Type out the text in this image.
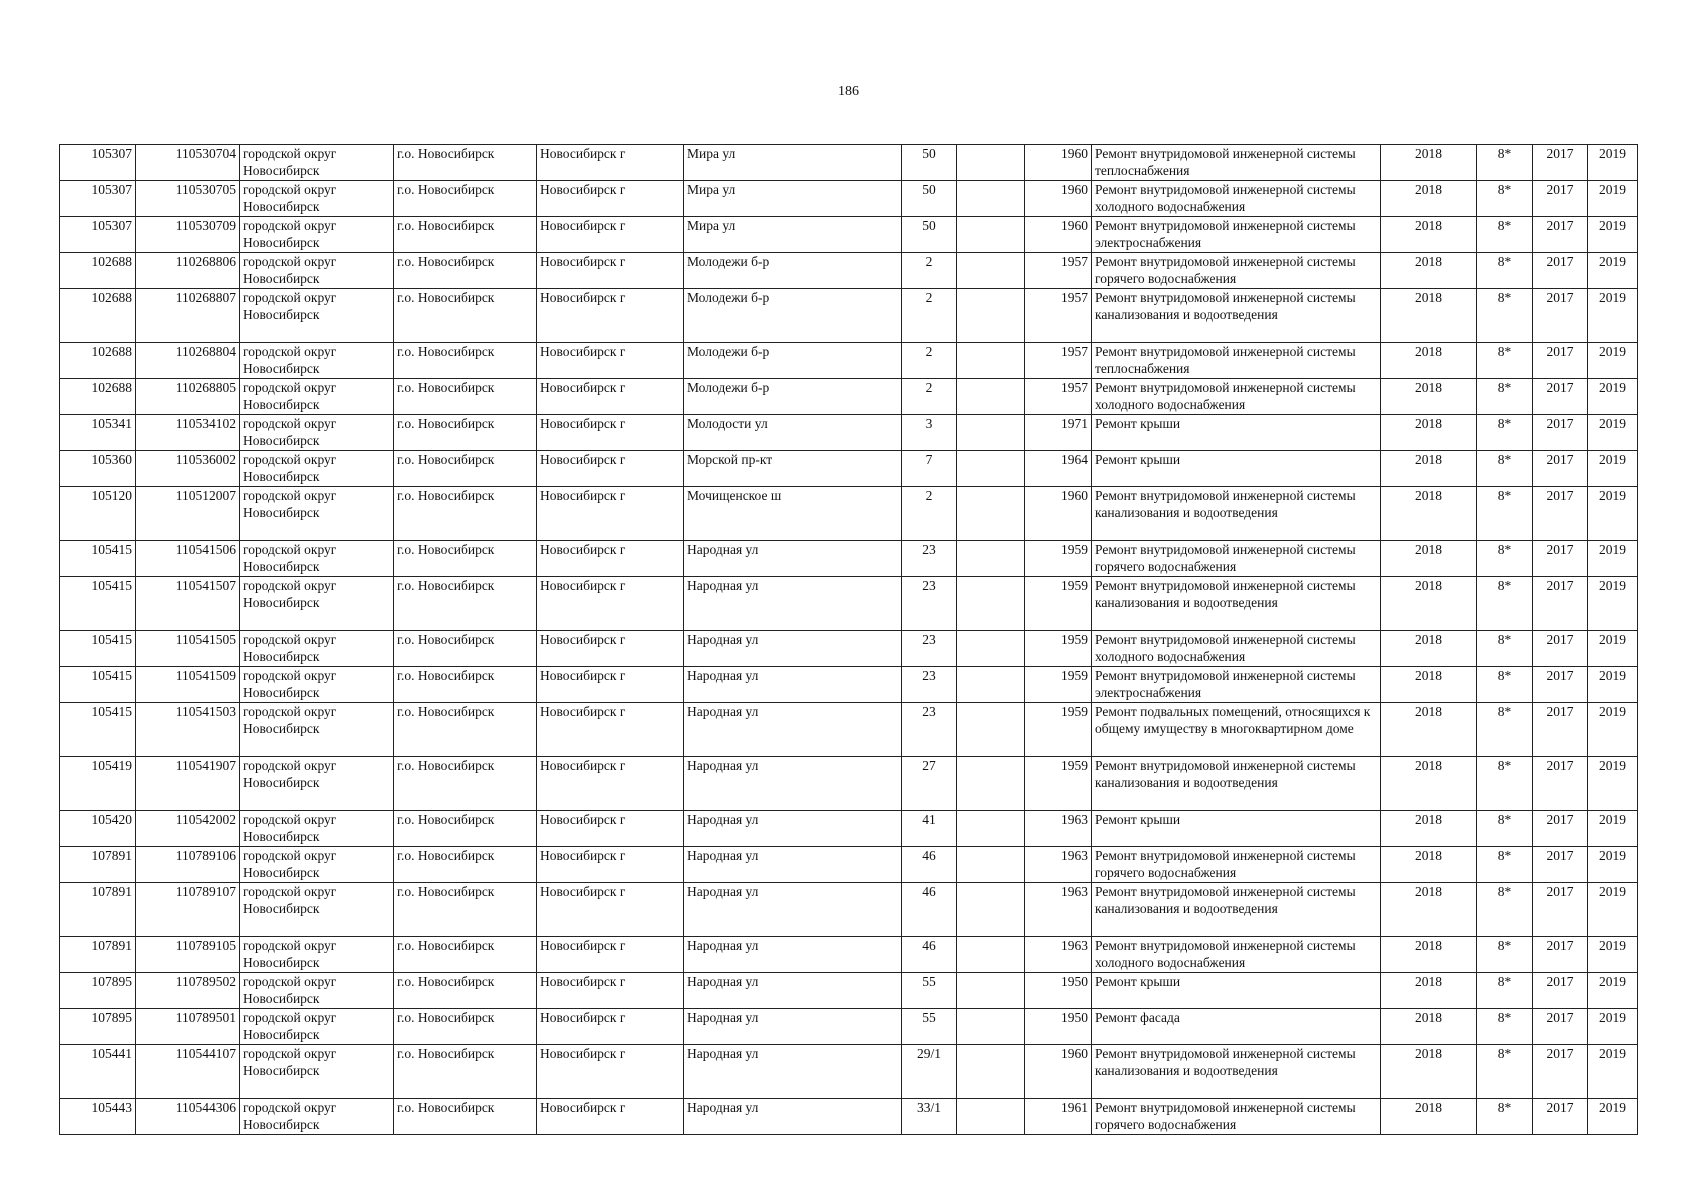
186
105307	110530704	городской округ Новосибирск	г.о. Новосибирск	Новосибирск г	Мира ул	50		1960	Ремонт внутридомовой инженерной системы теплоснабжения	2018	8*	2017	2019
105307	110530705	городской округ Новосибирск	г.о. Новосибирск	Новосибирск г	Мира ул	50		1960	Ремонт внутридомовой инженерной системы холодного водоснабжения	2018	8*	2017	2019
105307	110530709	городской округ Новосибирск	г.о. Новосибирск	Новосибирск г	Мира ул	50		1960	Ремонт внутридомовой инженерной системы электроснабжения	2018	8*	2017	2019
102688	110268806	городской округ Новосибирск	г.о. Новосибирск	Новосибирск г	Молодежи б-р	2		1957	Ремонт внутридомовой инженерной системы горячего водоснабжения	2018	8*	2017	2019
102688	110268807	городской округ Новосибирск	г.о. Новосибирск	Новосибирск г	Молодежи б-р	2		1957	Ремонт внутридомовой инженерной системы канализования и водоотведения	2018	8*	2017	2019
102688	110268804	городской округ Новосибирск	г.о. Новосибирск	Новосибирск г	Молодежи б-р	2		1957	Ремонт внутридомовой инженерной системы теплоснабжения	2018	8*	2017	2019
102688	110268805	городской округ Новосибирск	г.о. Новосибирск	Новосибирск г	Молодежи б-р	2		1957	Ремонт внутридомовой инженерной системы холодного водоснабжения	2018	8*	2017	2019
105341	110534102	городской округ Новосибирск	г.о. Новосибирск	Новосибирск г	Молодости ул	3		1971	Ремонт крыши	2018	8*	2017	2019
105360	110536002	городской округ Новосибирск	г.о. Новосибирск	Новосибирск г	Морской пр-кт	7		1964	Ремонт крыши	2018	8*	2017	2019
105120	110512007	городской округ Новосибирск	г.о. Новосибирск	Новосибирск г	Мочищенское ш	2		1960	Ремонт внутридомовой инженерной системы канализования и водоотведения	2018	8*	2017	2019
105415	110541506	городской округ Новосибирск	г.о. Новосибирск	Новосибирск г	Народная ул	23		1959	Ремонт внутридомовой инженерной системы горячего водоснабжения	2018	8*	2017	2019
105415	110541507	городской округ Новосибирск	г.о. Новосибирск	Новосибирск г	Народная ул	23		1959	Ремонт внутридомовой инженерной системы канализования и водоотведения	2018	8*	2017	2019
105415	110541505	городской округ Новосибирск	г.о. Новосибирск	Новосибирск г	Народная ул	23		1959	Ремонт внутридомовой инженерной системы холодного водоснабжения	2018	8*	2017	2019
105415	110541509	городской округ Новосибирск	г.о. Новосибирск	Новосибирск г	Народная ул	23		1959	Ремонт внутридомовой инженерной системы электроснабжения	2018	8*	2017	2019
105415	110541503	городской округ Новосибирск	г.о. Новосибирск	Новосибирск г	Народная ул	23		1959	Ремонт подвальных помещений, относящихся к общему имуществу в многоквартирном доме	2018	8*	2017	2019
105419	110541907	городской округ Новосибирск	г.о. Новосибирск	Новосибирск г	Народная ул	27		1959	Ремонт внутридомовой инженерной системы канализования и водоотведения	2018	8*	2017	2019
105420	110542002	городской округ Новосибирск	г.о. Новосибирск	Новосибирск г	Народная ул	41		1963	Ремонт крыши	2018	8*	2017	2019
107891	110789106	городской округ Новосибирск	г.о. Новосибирск	Новосибирск г	Народная ул	46		1963	Ремонт внутридомовой инженерной системы горячего водоснабжения	2018	8*	2017	2019
107891	110789107	городской округ Новосибирск	г.о. Новосибирск	Новосибирск г	Народная ул	46		1963	Ремонт внутридомовой инженерной системы канализования и водоотведения	2018	8*	2017	2019
107891	110789105	городской округ Новосибирск	г.о. Новосибирск	Новосибирск г	Народная ул	46		1963	Ремонт внутридомовой инженерной системы холодного водоснабжения	2018	8*	2017	2019
107895	110789502	городской округ Новосибирск	г.о. Новосибирск	Новосибирск г	Народная ул	55		1950	Ремонт крыши	2018	8*	2017	2019
107895	110789501	городской округ Новосибирск	г.о. Новосибирск	Новосибирск г	Народная ул	55		1950	Ремонт фасада	2018	8*	2017	2019
105441	110544107	городской округ Новосибирск	г.о. Новосибирск	Новосибирск г	Народная ул	29/1		1960	Ремонт внутридомовой инженерной системы канализования и водоотведения	2018	8*	2017	2019
105443	110544306	городской округ Новосибирск	г.о. Новосибирск	Новосибирск г	Народная ул	33/1		1961	Ремонт внутридомовой инженерной системы горячего водоснабжения	2018	8*	2017	2019
